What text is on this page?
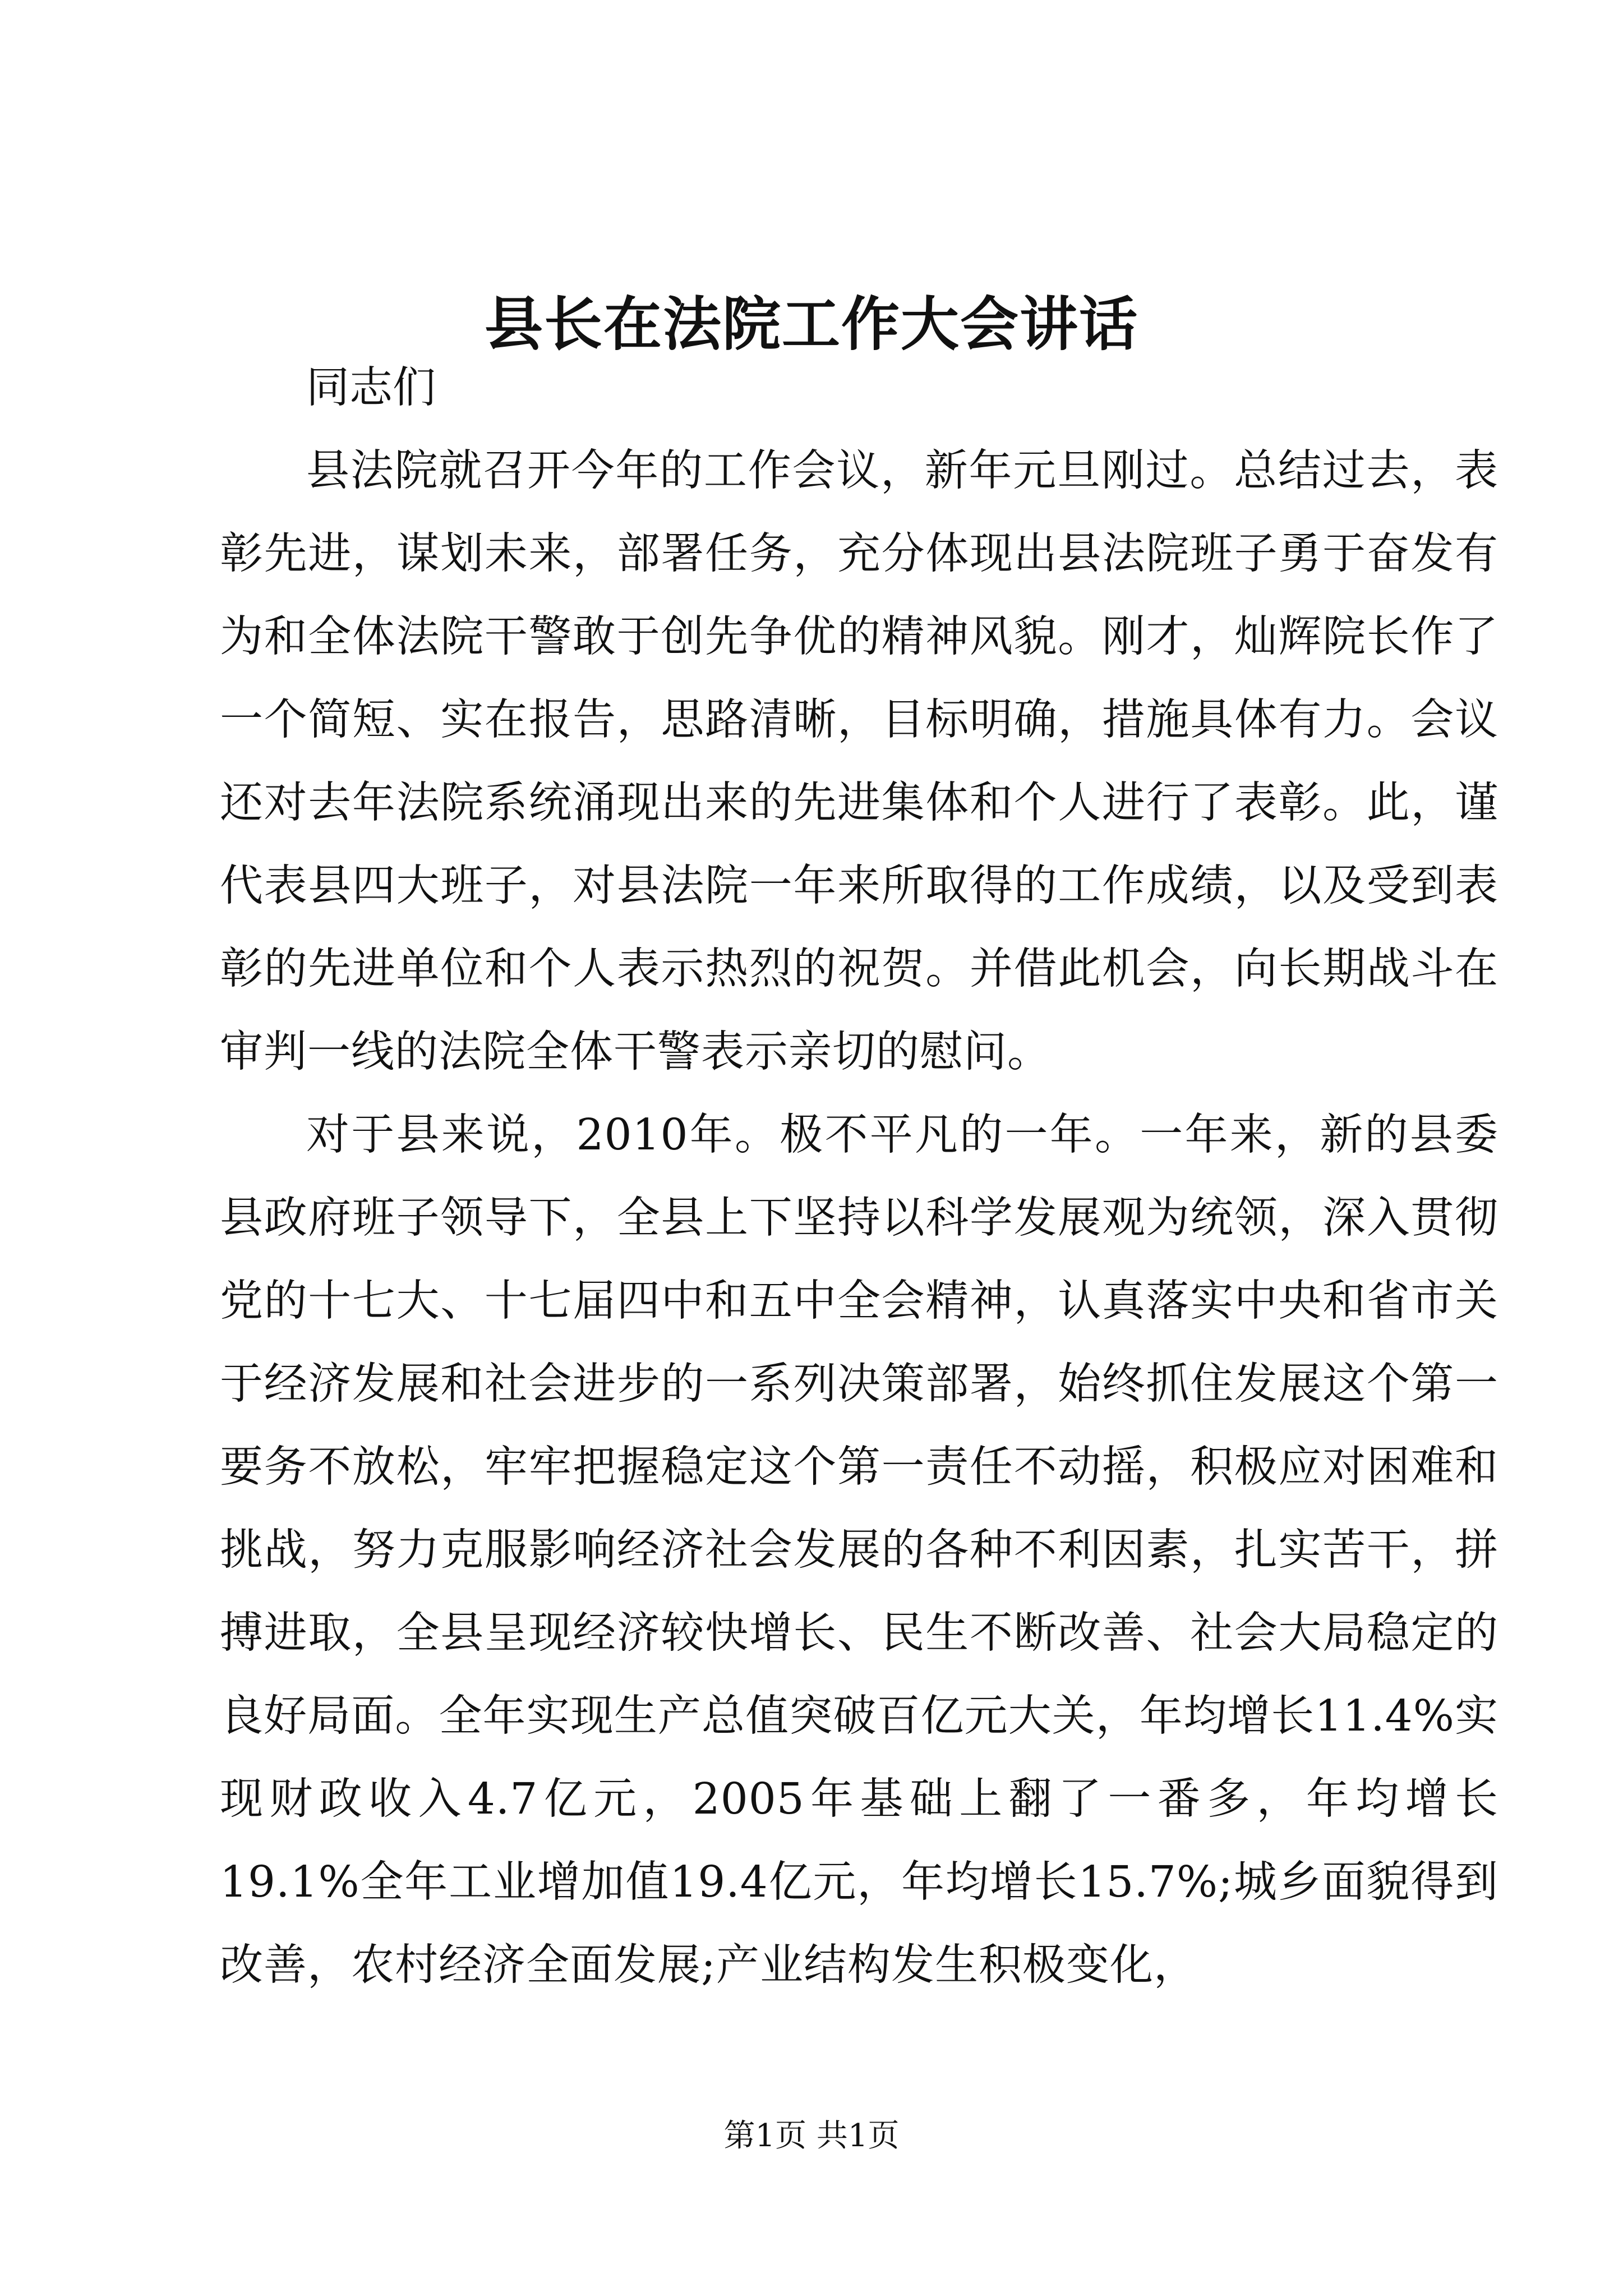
县长在法院工作大会讲话

同志们

县法院就召开今年的工作会议，新年元旦刚过。总结过去，表彰先进，谋划未来，部署任务，充分体现出县法院班子勇于奋发有为和全体法院干警敢于创先争优的精神风貌。刚才，灿辉院长作了一个简短、实在报告，思路清晰，目标明确，措施具体有力。会议还对去年法院系统涌现出来的先进集体和个人进行了表彰。此，谨代表县四大班子，对县法院一年来所取得的工作成绩，以及受到表彰的先进单位和个人表示热烈的祝贺。并借此机会，向长期战斗在审判一线的法院全体干警表示亲切的慰问。

对于县来说，2010年。极不平凡的一年。一年来，新的县委县政府班子领导下，全县上下坚持以科学发展观为统领，深入贯彻党的十七大、十七届四中和五中全会精神，认真落实中央和省市关于经济发展和社会进步的一系列决策部署，始终抓住发展这个第一要务不放松，牢牢把握稳定这个第一责任不动摇，积极应对困难和挑战，努力克服影响经济社会发展的各种不利因素，扎实苦干，拼搏进取，全县呈现经济较快增长、民生不断改善、社会大局稳定的良好局面。全年实现生产总值突破百亿元大关，年均增长11.4%实现财政收入4.7亿元，2005年基础上翻了一番多，年均增长19.1%全年工业增加值19.4亿元，年均增长15.7%;城乡面貌得到改善，农村经济全面发展;产业结构发生积极变化，

第1页 共1页
